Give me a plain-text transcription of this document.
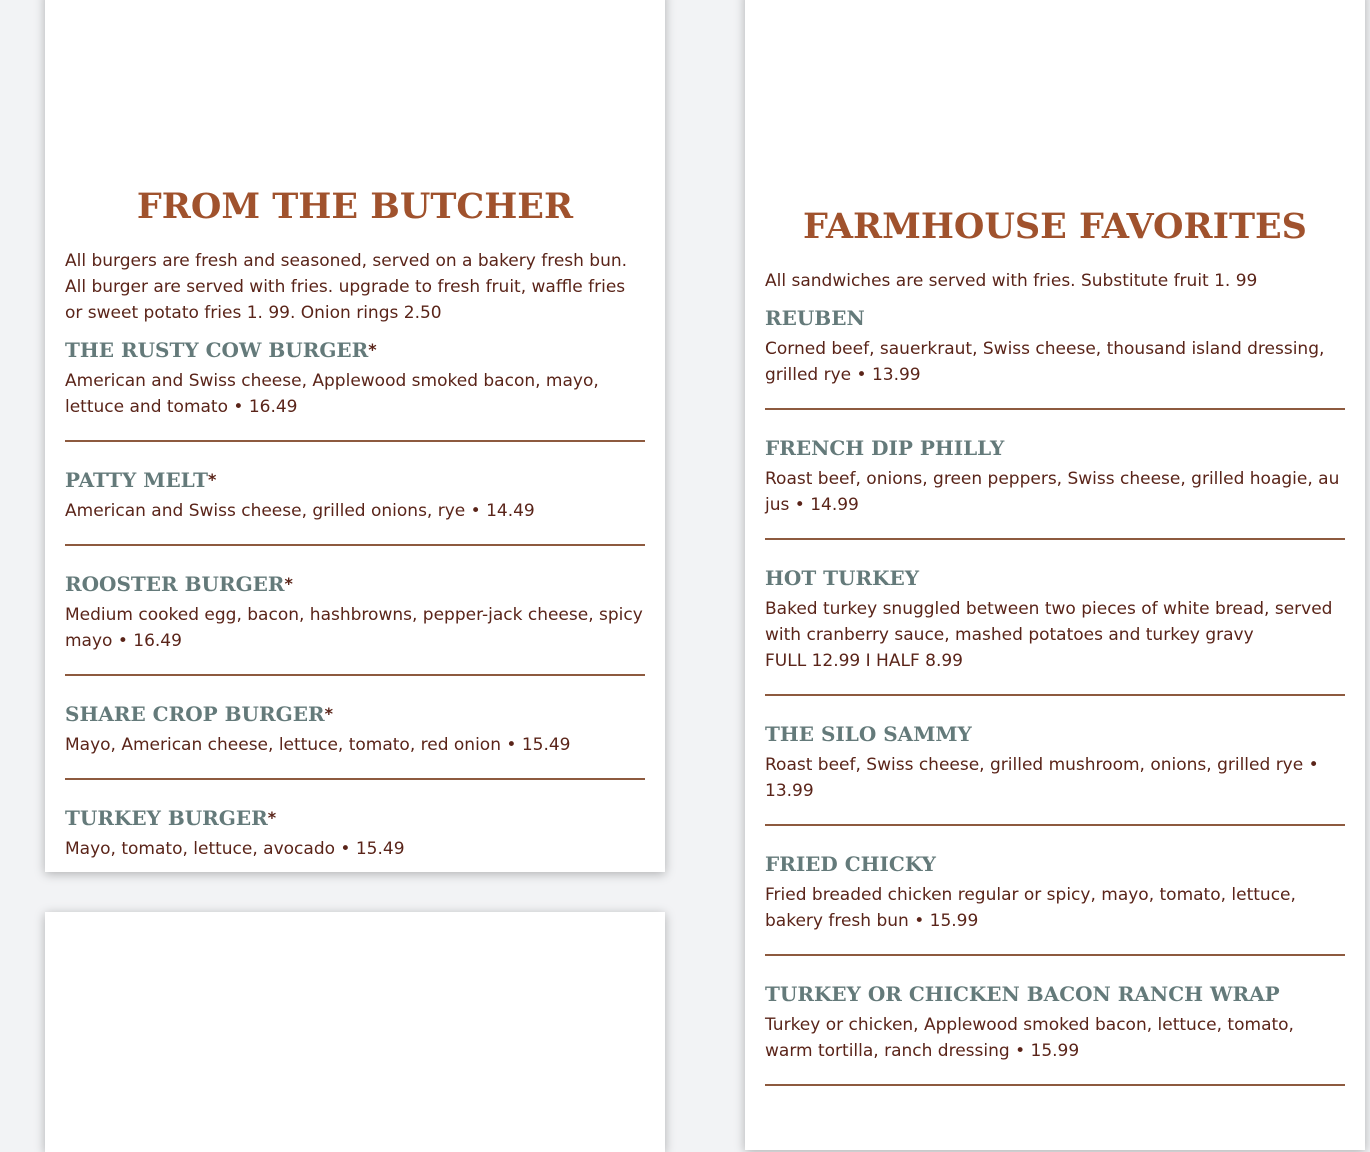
FROM THE BUTCHER

All burgers are fresh and seasoned, served on a bakery fresh bun. All burger are served with fries. upgrade to fresh fruit, waffle fries or sweet potato fries 1. 99. Onion rings 2.50

THE RUSTY COW BURGER*

American and Swiss cheese, Applewood smoked bacon, mayo, lettuce and tomato • 16.49

PATTY MELT*

American and Swiss cheese, grilled onions, rye • 14.49

ROOSTER BURGER*

Medium cooked egg, bacon, hashbrowns, pepper-jack cheese, spicy mayo • 16.49

SHARE CROP BURGER*

Mayo, American cheese, lettuce, tomato, red onion • 15.49

TURKEY BURGER*

Mayo, tomato, lettuce, avocado • 15.49

FARMHOUSE FAVORITES

All sandwiches are served with fries. Substitute fruit 1. 99

REUBEN

Corned beef, sauerkraut, Swiss cheese, thousand island dressing, grilled rye • 13.99

FRENCH DIP PHILLY

Roast beef, onions, green peppers, Swiss cheese, grilled hoagie, au jus • 14.99

HOT TURKEY

Baked turkey snuggled between two pieces of white bread, served with cranberry sauce, mashed potatoes and turkey gravy

FULL 12.99 I HALF 8.99

THE SILO SAMMY

Roast beef, Swiss cheese, grilled mushroom, onions, grilled rye • 13.99

FRIED CHICKY

Fried breaded chicken regular or spicy, mayo, tomato, lettuce, bakery fresh bun • 15.99

TURKEY OR CHICKEN BACON RANCH WRAP

Turkey or chicken, Applewood smoked bacon, lettuce, tomato, warm tortilla, ranch dressing • 15.99
